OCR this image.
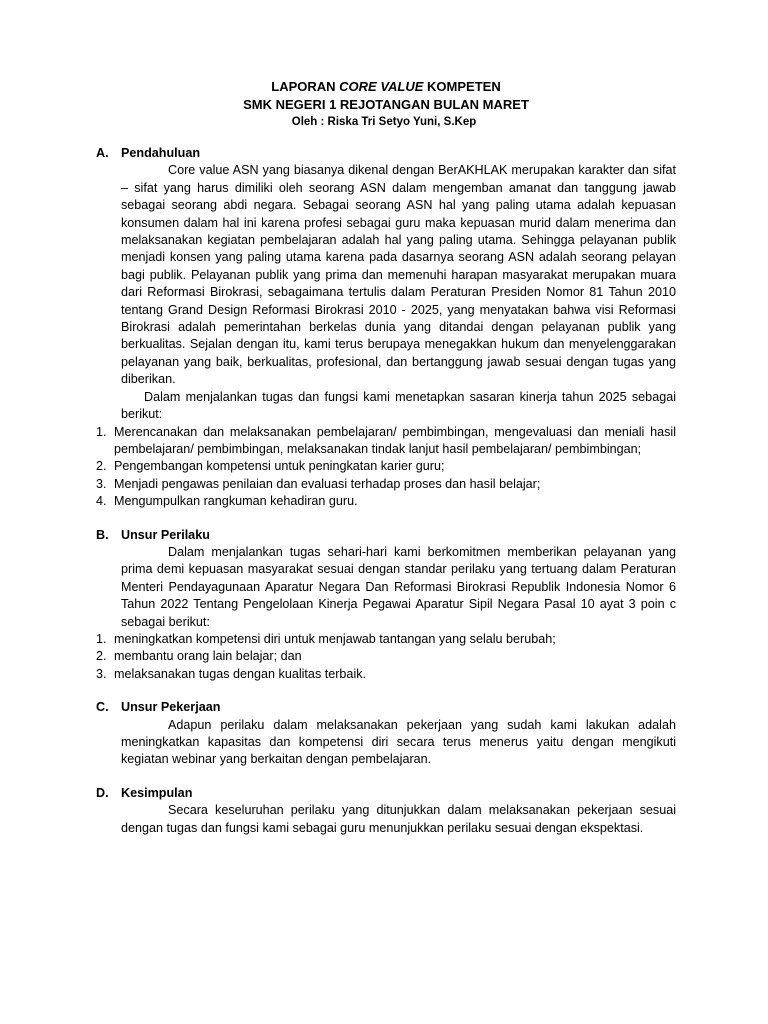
LAPORAN CORE VALUE KOMPETEN
SMK NEGERI 1 REJOTANGAN BULAN MARET
Oleh : Riska Tri Setyo Yuni, S.Kep
A. Pendahuluan

Core value ASN yang biasanya dikenal dengan BerAKHLAK merupakan karakter dan sifat – sifat yang harus dimiliki oleh seorang ASN dalam mengemban amanat dan tanggung jawab sebagai seorang abdi negara. Sebagai seorang ASN hal yang paling utama adalah kepuasan konsumen dalam hal ini karena profesi sebagai guru maka kepuasan murid dalam menerima dan melaksanakan kegiatan pembelajaran adalah hal yang paling utama. Sehingga pelayanan publik menjadi konsen yang paling utama karena pada dasarnya seorang ASN adalah seorang pelayan bagi publik. Pelayanan publik yang prima dan memenuhi harapan masyarakat merupakan muara dari Reformasi Birokrasi, sebagaimana tertulis dalam Peraturan Presiden Nomor 81 Tahun 2010 tentang Grand Design Reformasi Birokrasi 2010 - 2025, yang menyatakan bahwa visi Reformasi Birokrasi adalah pemerintahan berkelas dunia yang ditandai dengan pelayanan publik yang berkualitas. Sejalan dengan itu, kami terus berupaya menegakkan hukum dan menyelenggarakan pelayanan yang baik, berkualitas, profesional, dan bertanggung jawab sesuai dengan tugas yang diberikan.

Dalam menjalankan tugas dan fungsi kami menetapkan sasaran kinerja tahun 2025 sebagai berikut:

1. Merencanakan dan melaksanakan pembelajaran/ pembimbingan, mengevaluasi dan meniali hasil pembelajaran/ pembimbingan, melaksanakan tindak lanjut hasil pembelajaran/ pembimbingan;
2. Pengembangan kompetensi untuk peningkatan karier guru;
3. Menjadi pengawas penilaian dan evaluasi terhadap proses dan hasil belajar;
4. Mengumpulkan rangkuman kehadiran guru.
B. Unsur Perilaku

Dalam menjalankan tugas sehari-hari kami berkomitmen memberikan pelayanan yang prima demi kepuasan masyarakat sesuai dengan standar perilaku yang tertuang dalam Peraturan Menteri Pendayagunaan Aparatur Negara Dan Reformasi Birokrasi Republik Indonesia Nomor 6 Tahun 2022 Tentang Pengelolaan Kinerja Pegawai Aparatur Sipil Negara Pasal 10 ayat 3 poin c sebagai berikut:

1. meningkatkan kompetensi diri untuk menjawab tantangan yang selalu berubah;
2. membantu orang lain belajar; dan
3. melaksanakan tugas dengan kualitas terbaik.
C. Unsur Pekerjaan

Adapun perilaku dalam melaksanakan pekerjaan yang sudah kami lakukan adalah meningkatkan kapasitas dan kompetensi diri secara terus menerus yaitu dengan mengikuti kegiatan webinar yang berkaitan dengan pembelajaran.

D. Kesimpulan

Secara keseluruhan perilaku yang ditunjukkan dalam melaksanakan pekerjaan sesuai dengan tugas dan fungsi kami sebagai guru menunjukkan perilaku sesuai dengan ekspektasi.
